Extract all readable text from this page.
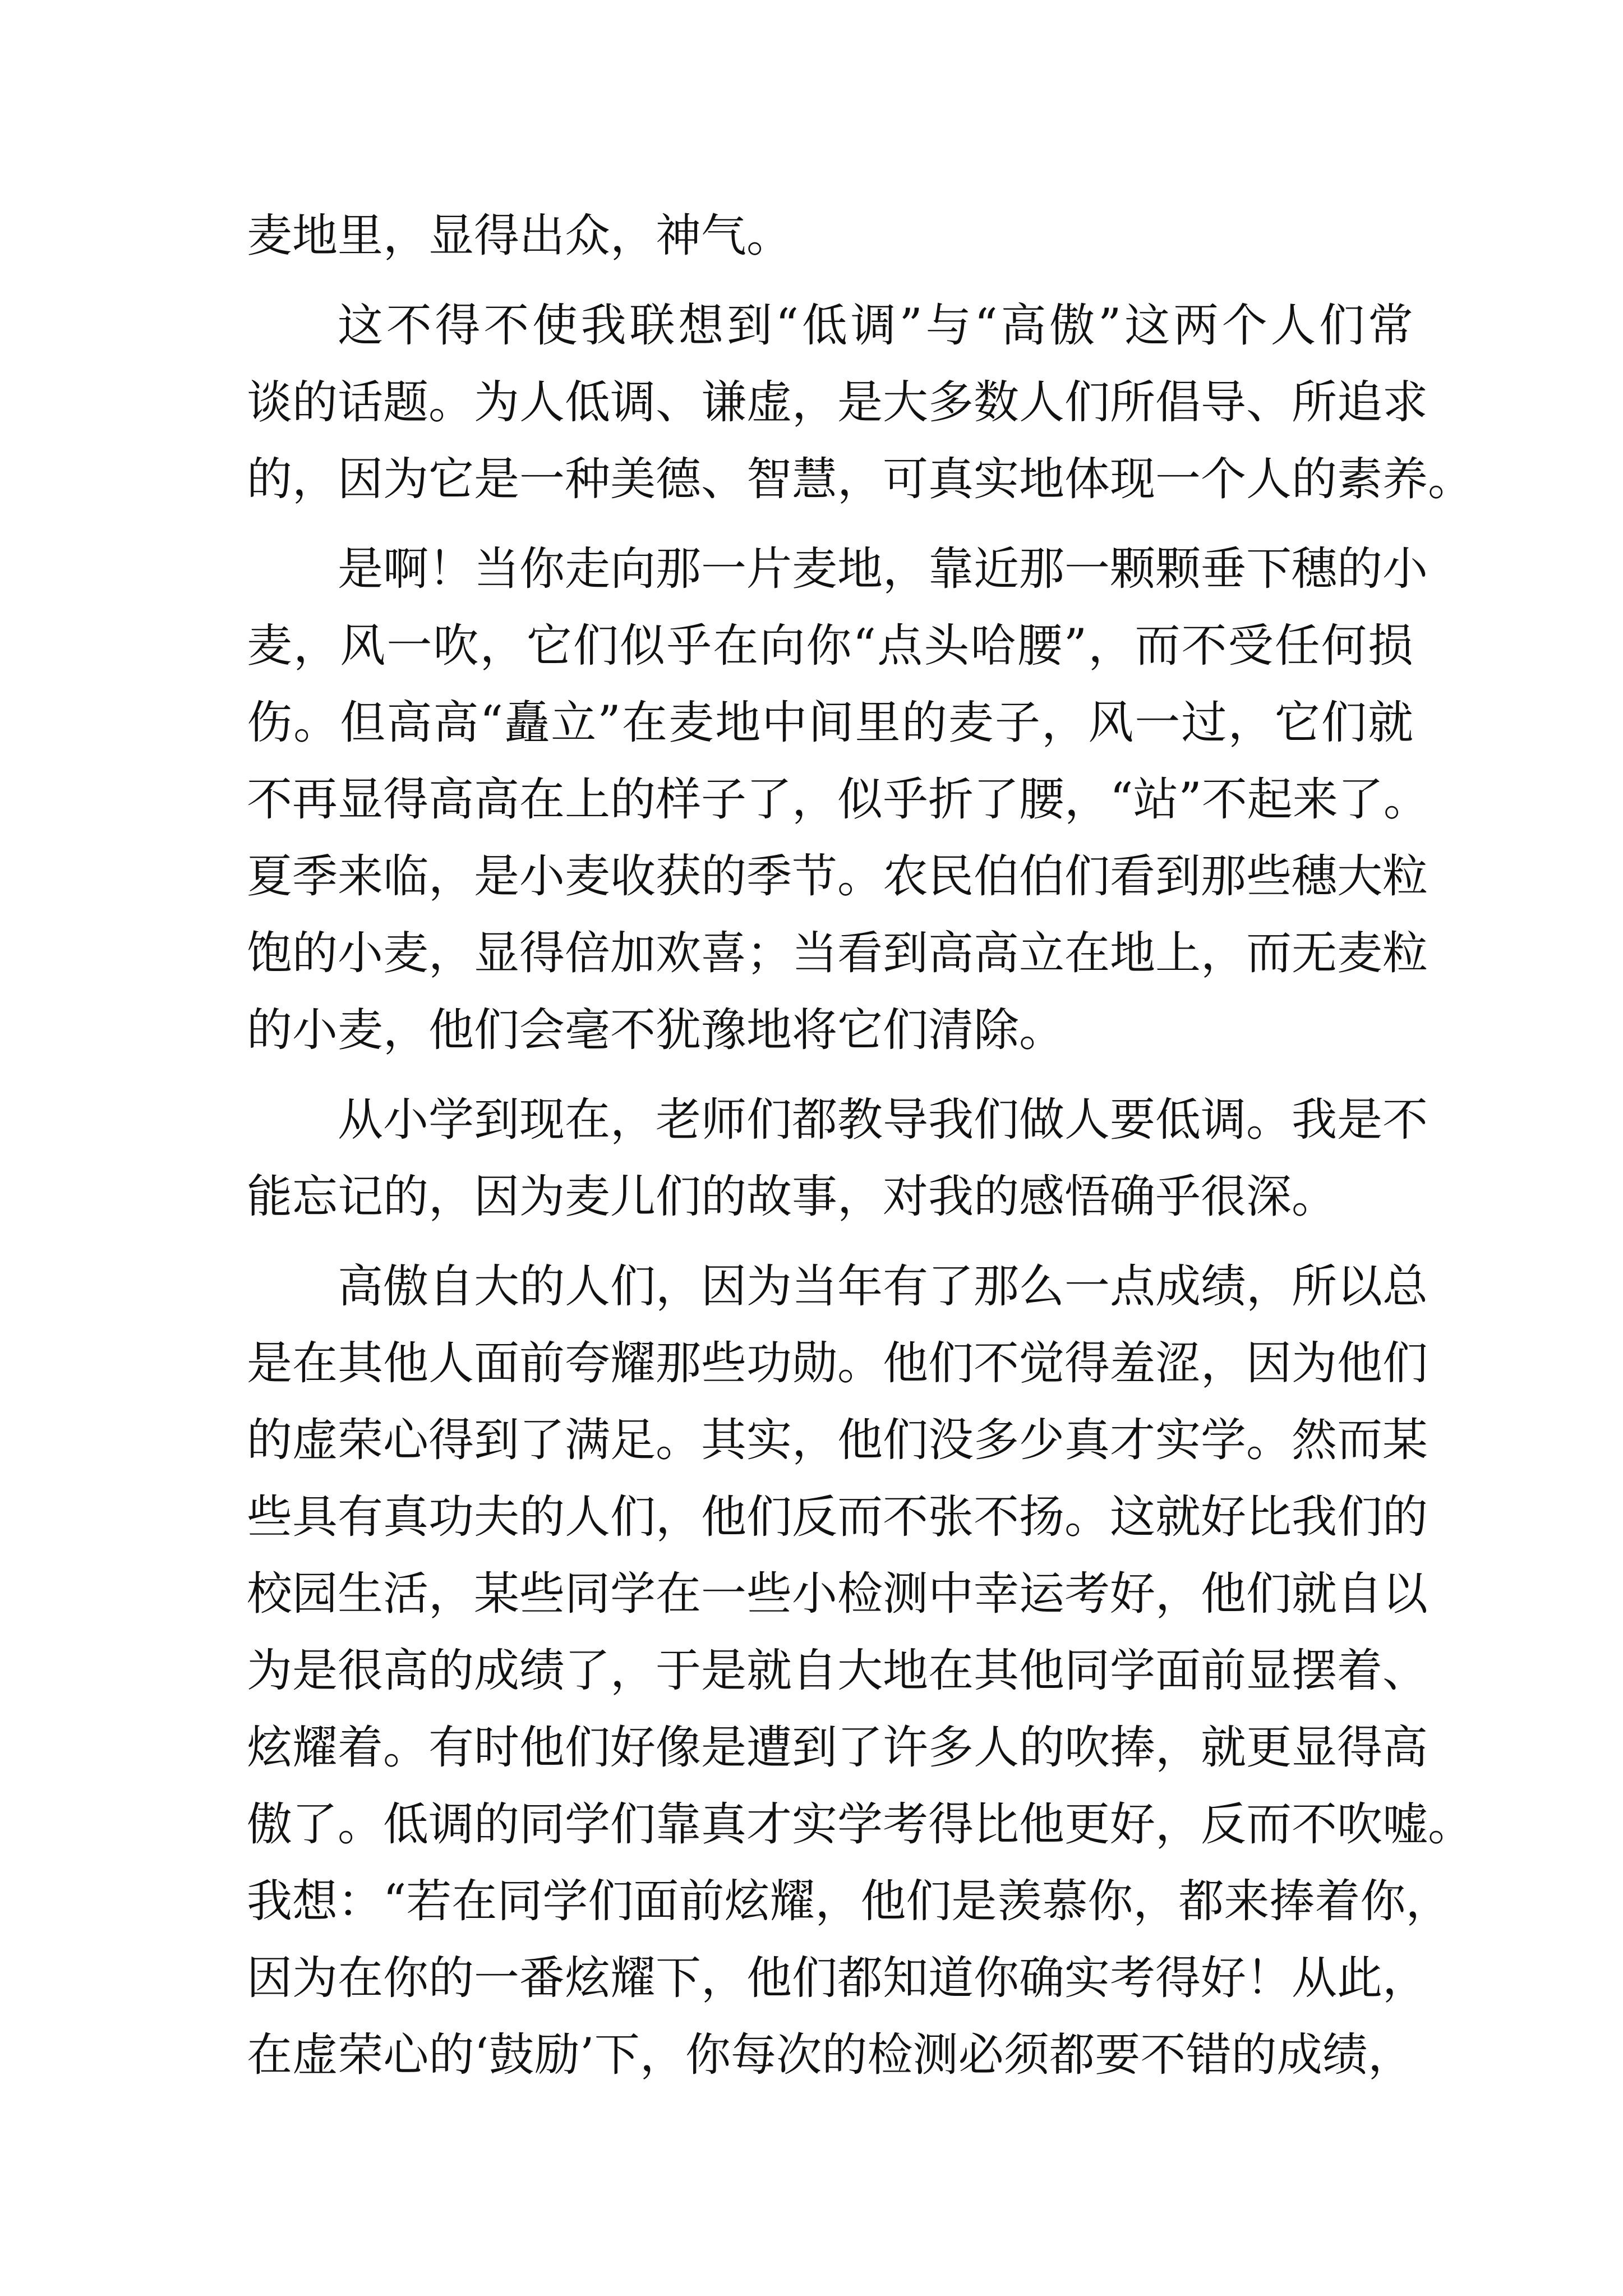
麦地里，显得出众，神气。
这不得不使我联想到“低调”与“高傲”这两个人们常
谈的话题。为人低调、谦虚，是大多数人们所倡导、所追求
的，因为它是一种美德、智慧，可真实地体现一个人的素养。
是啊！当你走向那一片麦地，靠近那一颗颗垂下穗的小
麦，风一吹，它们似乎在向你“点头哈腰”，而不受任何损
伤。但高高“矗立”在麦地中间里的麦子，风一过，它们就
不再显得高高在上的样子了，似乎折了腰，“站”不起来了。
夏季来临，是小麦收获的季节。农民伯伯们看到那些穗大粒
饱的小麦，显得倍加欢喜；当看到高高立在地上，而无麦粒
的小麦，他们会毫不犹豫地将它们清除。
从小学到现在，老师们都教导我们做人要低调。我是不
能忘记的，因为麦儿们的故事，对我的感悟确乎很深。
高傲自大的人们，因为当年有了那么一点成绩，所以总
是在其他人面前夸耀那些功勋。他们不觉得羞涩，因为他们
的虚荣心得到了满足。其实，他们没多少真才实学。然而某
些具有真功夫的人们，他们反而不张不扬。这就好比我们的
校园生活，某些同学在一些小检测中幸运考好，他们就自以
为是很高的成绩了，于是就自大地在其他同学面前显摆着、
炫耀着。有时他们好像是遭到了许多人的吹捧，就更显得高
傲了。低调的同学们靠真才实学考得比他更好，反而不吹嘘。
我想：“若在同学们面前炫耀，他们是羡慕你，都来捧着你，
因为在你的一番炫耀下，他们都知道你确实考得好！从此，
在虚荣心的‘鼓励’下，你每次的检测必须都要不错的成绩，
